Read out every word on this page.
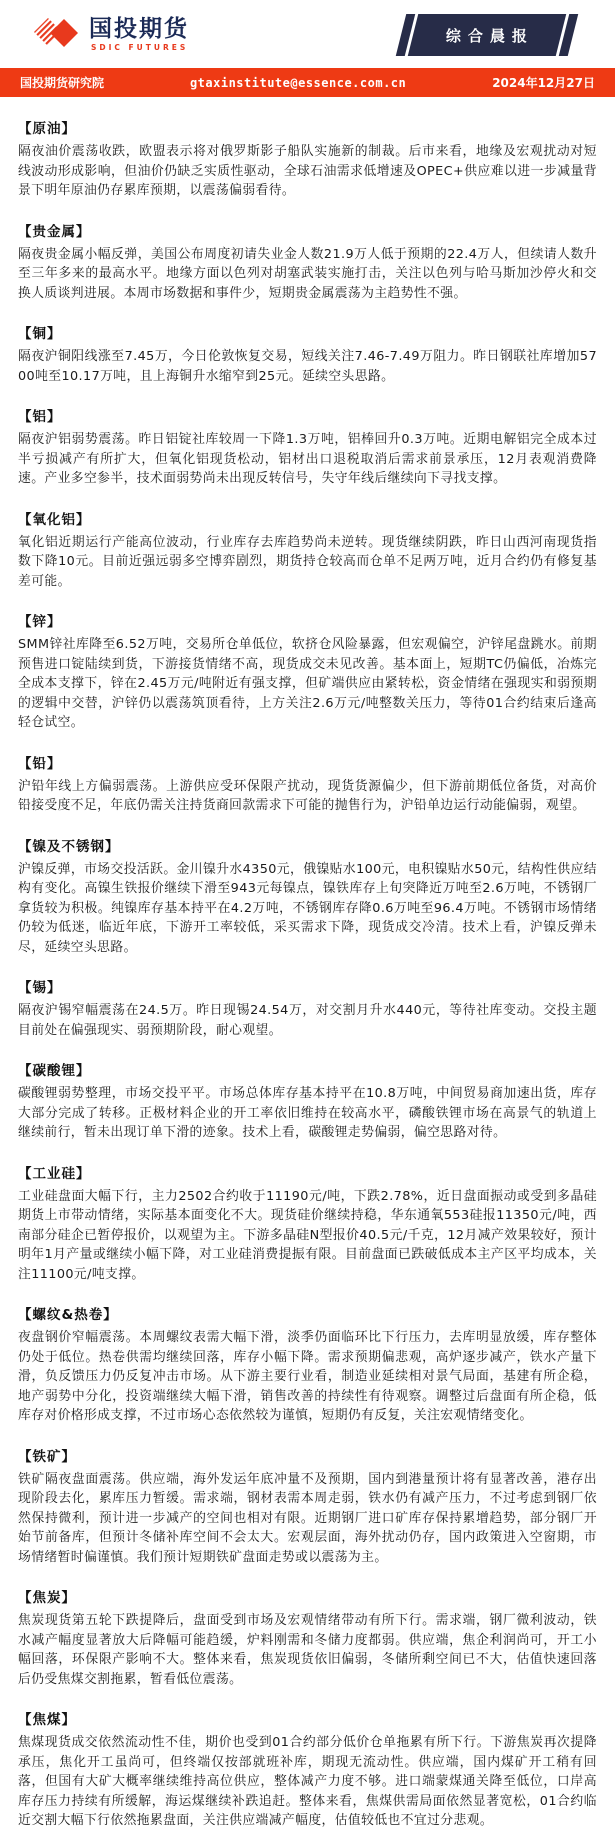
国投期货
SDIC FUTURES
综合晨报
国投期货研究院	gtaxinstitute@essence.com.cn	2024年12月27日
【原油】

隔夜油价震荡收跌，欧盟表示将对俄罗斯影子船队实施新的制裁。后市来看，地缘及宏观扰动对短线波动形成影响，但油价仍缺乏实质性驱动，全球石油需求低增速及OPEC+供应难以进一步减量背景下明年原油仍存累库预期，以震荡偏弱看待。

【贵金属】

隔夜贵金属小幅反弹，美国公布周度初请失业金人数21.9万人低于预期的22.4万人，但续请人数升至三年多来的最高水平。地缘方面以色列对胡塞武装实施打击，关注以色列与哈马斯加沙停火和交换人质谈判进展。本周市场数据和事件少，短期贵金属震荡为主趋势性不强。

【铜】

隔夜沪铜阳线涨至7.45万，今日伦敦恢复交易，短线关注7.46-7.49万阻力。昨日钢联社库增加5700吨至10.17万吨，且上海铜升水缩窄到25元。延续空头思路。

【铝】

隔夜沪铝弱势震荡。昨日铝锭社库较周一下降1.3万吨，铝棒回升0.3万吨。近期电解铝完全成本过半亏损减产有所扩大，但氧化铝现货松动，铝材出口退税取消后需求前景承压，12月表观消费降速。产业多空参半，技术面弱势尚未出现反转信号，失守年线后继续向下寻找支撑。

【氧化铝】

氧化铝近期运行产能高位波动，行业库存去库趋势尚未逆转。现货继续阴跌，昨日山西河南现货指数下降10元。目前近强远弱多空博弈剧烈，期货持仓较高而仓单不足两万吨，近月合约仍有修复基差可能。

【锌】

SMM锌社库降至6.52万吨，交易所仓单低位，软挤仓风险暴露，但宏观偏空，沪锌尾盘跳水。前期预售进口锭陆续到货，下游接货情绪不高，现货成交未见改善。基本面上，短期TC仍偏低，冶炼完全成本支撑下，锌在2.45万元/吨附近有强支撑，但矿端供应由紧转松，资金情绪在强现实和弱预期的逻辑中交替，沪锌仍以震荡筑顶看待，上方关注2.6万元/吨整数关压力，等待01合约结束后逢高轻仓试空。

【铅】

沪铅年线上方偏弱震荡。上游供应受环保限产扰动，现货货源偏少，但下游前期低位备货，对高价铅接受度不足，年底仍需关注持货商回款需求下可能的抛售行为，沪铅单边运行动能偏弱，观望。

【镍及不锈钢】

沪镍反弹，市场交投活跃。金川镍升水4350元，俄镍贴水100元，电积镍贴水50元，结构性供应结构有变化。高镍生铁报价继续下滑至943元每镍点，镍铁库存上旬突降近万吨至2.6万吨，不锈钢厂拿货较为积极。纯镍库存基本持平在4.2万吨，不锈钢库存降0.6万吨至96.4万吨。不锈钢市场情绪仍较为低迷，临近年底，下游开工率较低，采买需求下降，现货成交冷清。技术上看，沪镍反弹未尽，延续空头思路。

【锡】

隔夜沪锡窄幅震荡在24.5万。昨日现锡24.54万，对交割月升水440元，等待社库变动。交投主题目前处在偏强现实、弱预期阶段，耐心观望。

【碳酸锂】

碳酸锂弱势整理，市场交投平平。市场总体库存基本持平在10.8万吨，中间贸易商加速出货，库存大部分完成了转移。正极材料企业的开工率依旧维持在较高水平，磷酸铁锂市场在高景气的轨道上继续前行，暂未出现订单下滑的迹象。技术上看，碳酸锂走势偏弱，偏空思路对待。

【工业硅】

工业硅盘面大幅下行，主力2502合约收于11190元/吨，下跌2.78%，近日盘面振动或受到多晶硅期货上市带动情绪，实际基本面变化不大。现货硅价继续持稳，华东通氧553硅报11350元/吨，西南部分硅企已暂停报价，以观望为主。下游多晶硅N型报价40.5元/千克，12月减产效果较好，预计明年1月产量或继续小幅下降，对工业硅消费提振有限。目前盘面已跌破低成本主产区平均成本，关注11100元/吨支撑。

【螺纹&热卷】

夜盘钢价窄幅震荡。本周螺纹表需大幅下滑，淡季仍面临环比下行压力，去库明显放缓，库存整体仍处于低位。热卷供需均继续回落，库存小幅下降。需求预期偏悲观，高炉逐步减产，铁水产量下滑，负反馈压力仍反复冲击市场。从下游主要行业看，制造业延续相对景气局面，基建有所企稳，地产弱势中分化，投资端继续大幅下滑，销售改善的持续性有待观察。调整过后盘面有所企稳，低库存对价格形成支撑，不过市场心态依然较为谨慎，短期仍有反复，关注宏观情绪变化。

【铁矿】

铁矿隔夜盘面震荡。供应端，海外发运年底冲量不及预期，国内到港量预计将有显著改善，港存出现阶段去化，累库压力暂缓。需求端，钢材表需本周走弱，铁水仍有减产压力，不过考虑到钢厂依然保持微利，预计进一步减产的空间也相对有限。近期钢厂进口矿库存保持累增趋势，部分钢厂开始节前备库，但预计冬储补库空间不会太大。宏观层面，海外扰动仍存，国内政策进入空窗期，市场情绪暂时偏谨慎。我们预计短期铁矿盘面走势或以震荡为主。

【焦炭】

焦炭现货第五轮下跌提降后，盘面受到市场及宏观情绪带动有所下行。需求端，钢厂微利波动，铁水减产幅度显著放大后降幅可能趋缓，炉料刚需和冬储力度都弱。供应端，焦企利润尚可，开工小幅回落，环保限产影响不大。整体来看，焦炭现货依旧偏弱，冬储所剩空间已不大，估值快速回落后仍受焦煤交割拖累，暂看低位震荡。

【焦煤】

焦煤现货成交依然流动性不佳，期价也受到01合约部分低价仓单拖累有所下行。下游焦炭再次提降承压，焦化开工虽尚可，但终端仅按部就班补库，期现无流动性。供应端，国内煤矿开工稍有回落，但国有大矿大概率继续维持高位供应，整体减产力度不够。进口端蒙煤通关降至低位，口岸高库存压力持续有所缓解，海运煤继续补跌追赶。整体来看，焦煤供需局面依然显著宽松，01合约临近交割大幅下行依然拖累盘面，关注供应端减产幅度，估值较低也不宜过分悲观。
